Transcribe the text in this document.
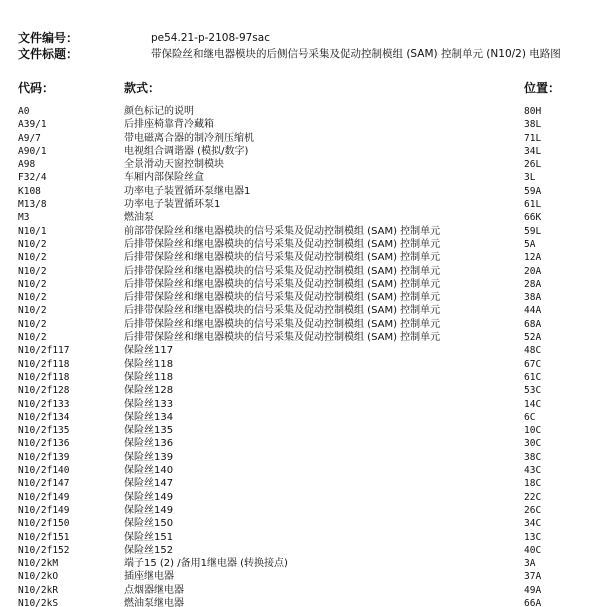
文件编号：	pe54.21-p-2108-97sac
文件标题：	带保险丝和继电器模块的后侧信号采集及促动控制模组 (SAM) 控制单元 (N10/2) 电路图
代码：	款式：	位置：
A0	颜色标记的说明	80H
A39/1	后排座椅靠背冷藏箱	38L
A9/7	带电磁离合器的制冷剂压缩机	71L
A90/1	电视组合调谐器 (模拟/数字)	34L
A98	全景滑动天窗控制模块	26L
F32/4	车厢内部保险丝盒	3L
K108	功率电子装置循环泵继电器1	59A
M13/8	功率电子装置循环泵1	61L
M3	燃油泵	66K
N10/1	前部带保险丝和继电器模块的信号采集及促动控制模组 (SAM) 控制单元	59L
N10/2	后排带保险丝和继电器模块的信号采集及促动控制模组 (SAM) 控制单元	5A
N10/2	后排带保险丝和继电器模块的信号采集及促动控制模组 (SAM) 控制单元	12A
N10/2	后排带保险丝和继电器模块的信号采集及促动控制模组 (SAM) 控制单元	20A
N10/2	后排带保险丝和继电器模块的信号采集及促动控制模组 (SAM) 控制单元	28A
N10/2	后排带保险丝和继电器模块的信号采集及促动控制模组 (SAM) 控制单元	38A
N10/2	后排带保险丝和继电器模块的信号采集及促动控制模组 (SAM) 控制单元	44A
N10/2	后排带保险丝和继电器模块的信号采集及促动控制模组 (SAM) 控制单元	68A
N10/2	后排带保险丝和继电器模块的信号采集及促动控制模组 (SAM) 控制单元	52A
N10/2f117	保险丝117	48C
N10/2f118	保险丝118	67C
N10/2f118	保险丝118	61C
N10/2f128	保险丝128	53C
N10/2f133	保险丝133	14C
N10/2f134	保险丝134	6C
N10/2f135	保险丝135	10C
N10/2f136	保险丝136	30C
N10/2f139	保险丝139	38C
N10/2f140	保险丝140	43C
N10/2f147	保险丝147	18C
N10/2f149	保险丝149	22C
N10/2f149	保险丝149	26C
N10/2f150	保险丝150	34C
N10/2f151	保险丝151	13C
N10/2f152	保险丝152	40C
N10/2kM	端子15 (2) /备用1继电器 (转换接点)	3A
N10/2kO	插座继电器	37A
N10/2kR	点烟器继电器	49A
N10/2kS	燃油泵继电器	66A
